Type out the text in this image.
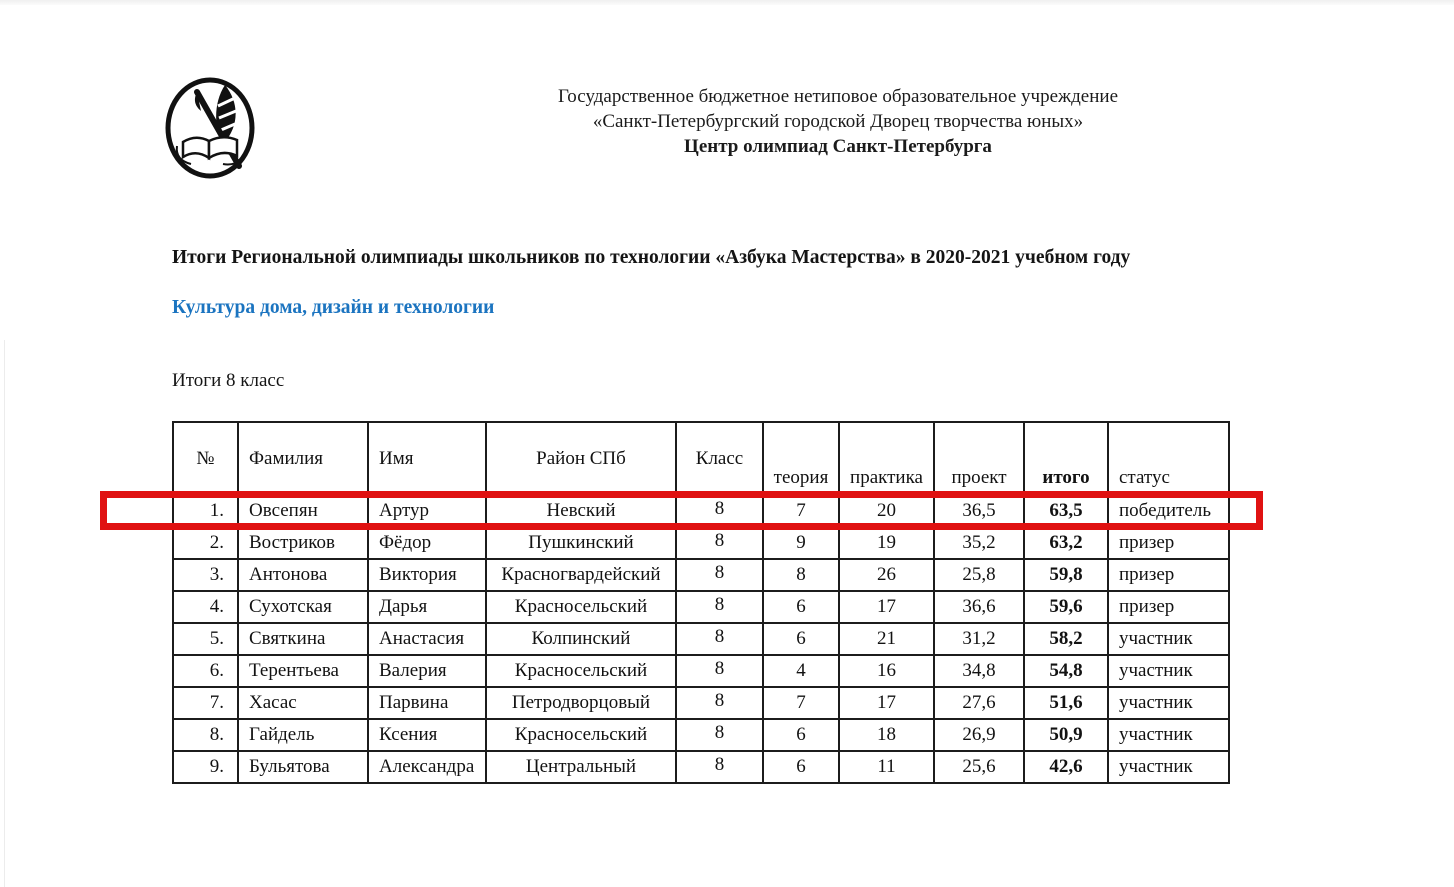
Государственное бюджетное нетиповое образовательное учреждение
«Санкт-Петербургский городской Дворец творчества юных»
Центр олимпиад Санкт-Петербурга
Итоги Региональной олимпиады школьников по технологии «Азбука Мастерства» в 2020-2021 учебном году
Культура дома, дизайн и технологии
Итоги 8 класс
№	Фамилия	Имя	Район СПб	Класс	теория	практика	проект	итого	статус
1.	Овсепян	Артур	Невский	8	7	20	36,5	63,5	победитель
2.	Востриков	Фёдор	Пушкинский	8	9	19	35,2	63,2	призер
3.	Антонова	Виктория	Красногвардейский	8	8	26	25,8	59,8	призер
4.	Сухотская	Дарья	Красносельский	8	6	17	36,6	59,6	призер
5.	Святкина	Анастасия	Колпинский	8	6	21	31,2	58,2	участник
6.	Терентьева	Валерия	Красносельский	8	4	16	34,8	54,8	участник
7.	Хасас	Парвина	Петродворцовый	8	7	17	27,6	51,6	участник
8.	Гайдель	Ксения	Красносельский	8	6	18	26,9	50,9	участник
9.	Бульятова	Александра	Центральный	8	6	11	25,6	42,6	участник
